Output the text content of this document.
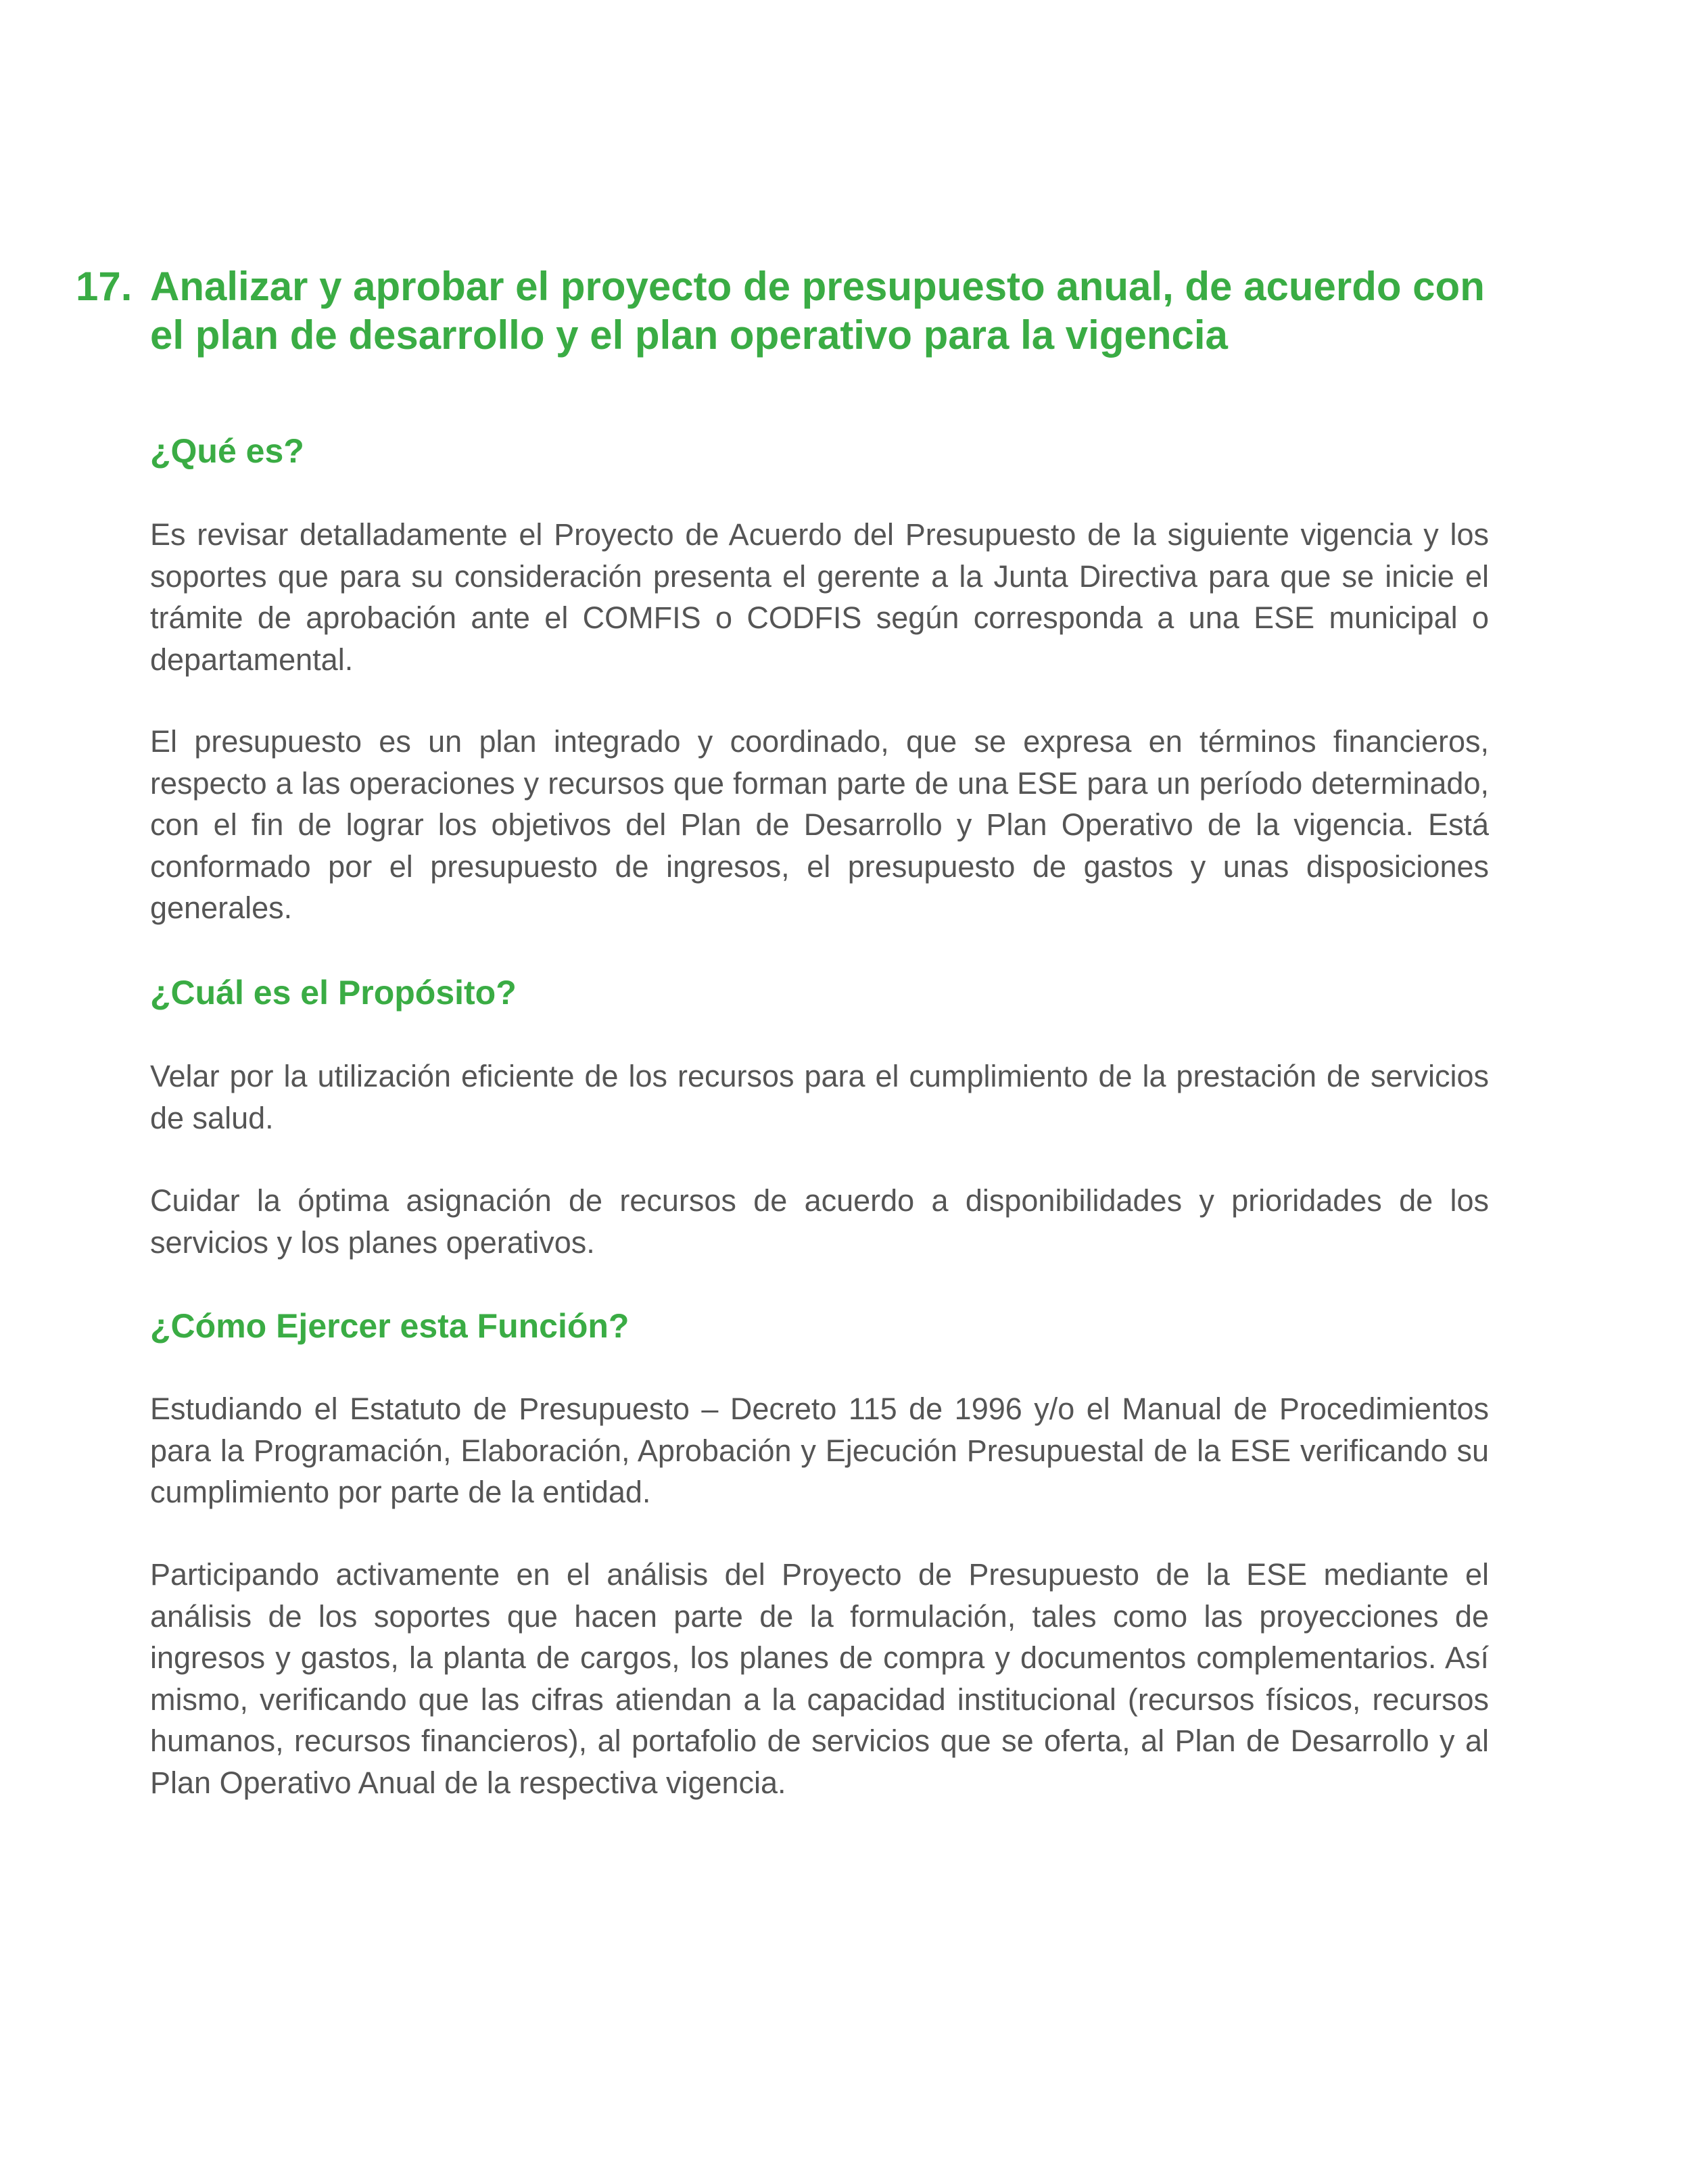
17. Analizar y aprobar el proyecto de presupuesto anual, de acuerdo con el plan de desarrollo y el plan operativo para la vigencia
¿Qué es?

Es revisar detalladamente el Proyecto de Acuerdo del Presupuesto de la siguiente vigencia y los soportes que para su consideración presenta el gerente a la Junta Directiva para que se inicie el trámite de aprobación ante el COMFIS o CODFIS según corresponda a una ESE municipal o departamental.

El presupuesto es un plan integrado y coordinado, que se expresa en términos financieros, respecto a las operaciones y recursos que forman parte de una ESE para un período determinado, con el fin de lograr los objetivos del Plan de Desarrollo y Plan Operativo de la vigencia. Está conformado por el presupuesto de ingresos, el presupuesto de gastos y unas disposiciones generales.

¿Cuál es el Propósito?

Velar por la utilización eficiente de los recursos para el cumplimiento de la prestación de servicios de salud.

Cuidar la óptima asignación de recursos de acuerdo a disponibilidades y prioridades de los servicios y los planes operativos.

¿Cómo Ejercer esta Función?

Estudiando el Estatuto de Presupuesto – Decreto 115 de 1996 y/o el Manual de Procedimientos para la Programación, Elaboración, Aprobación y Ejecución Presupuestal de la ESE verificando su cumplimiento por parte de la entidad.

Participando activamente en el análisis del Proyecto de Presupuesto de la ESE mediante el análisis de los soportes que hacen parte de la formulación, tales como las proyecciones de ingresos y gastos, la planta de cargos, los planes de compra y documentos complementarios. Así mismo, verificando que las cifras atiendan a la capacidad institucional (recursos físicos, recursos humanos, recursos financieros), al portafolio de servicios que se oferta, al Plan de Desarrollo y al Plan Operativo Anual de la respectiva vigencia.
